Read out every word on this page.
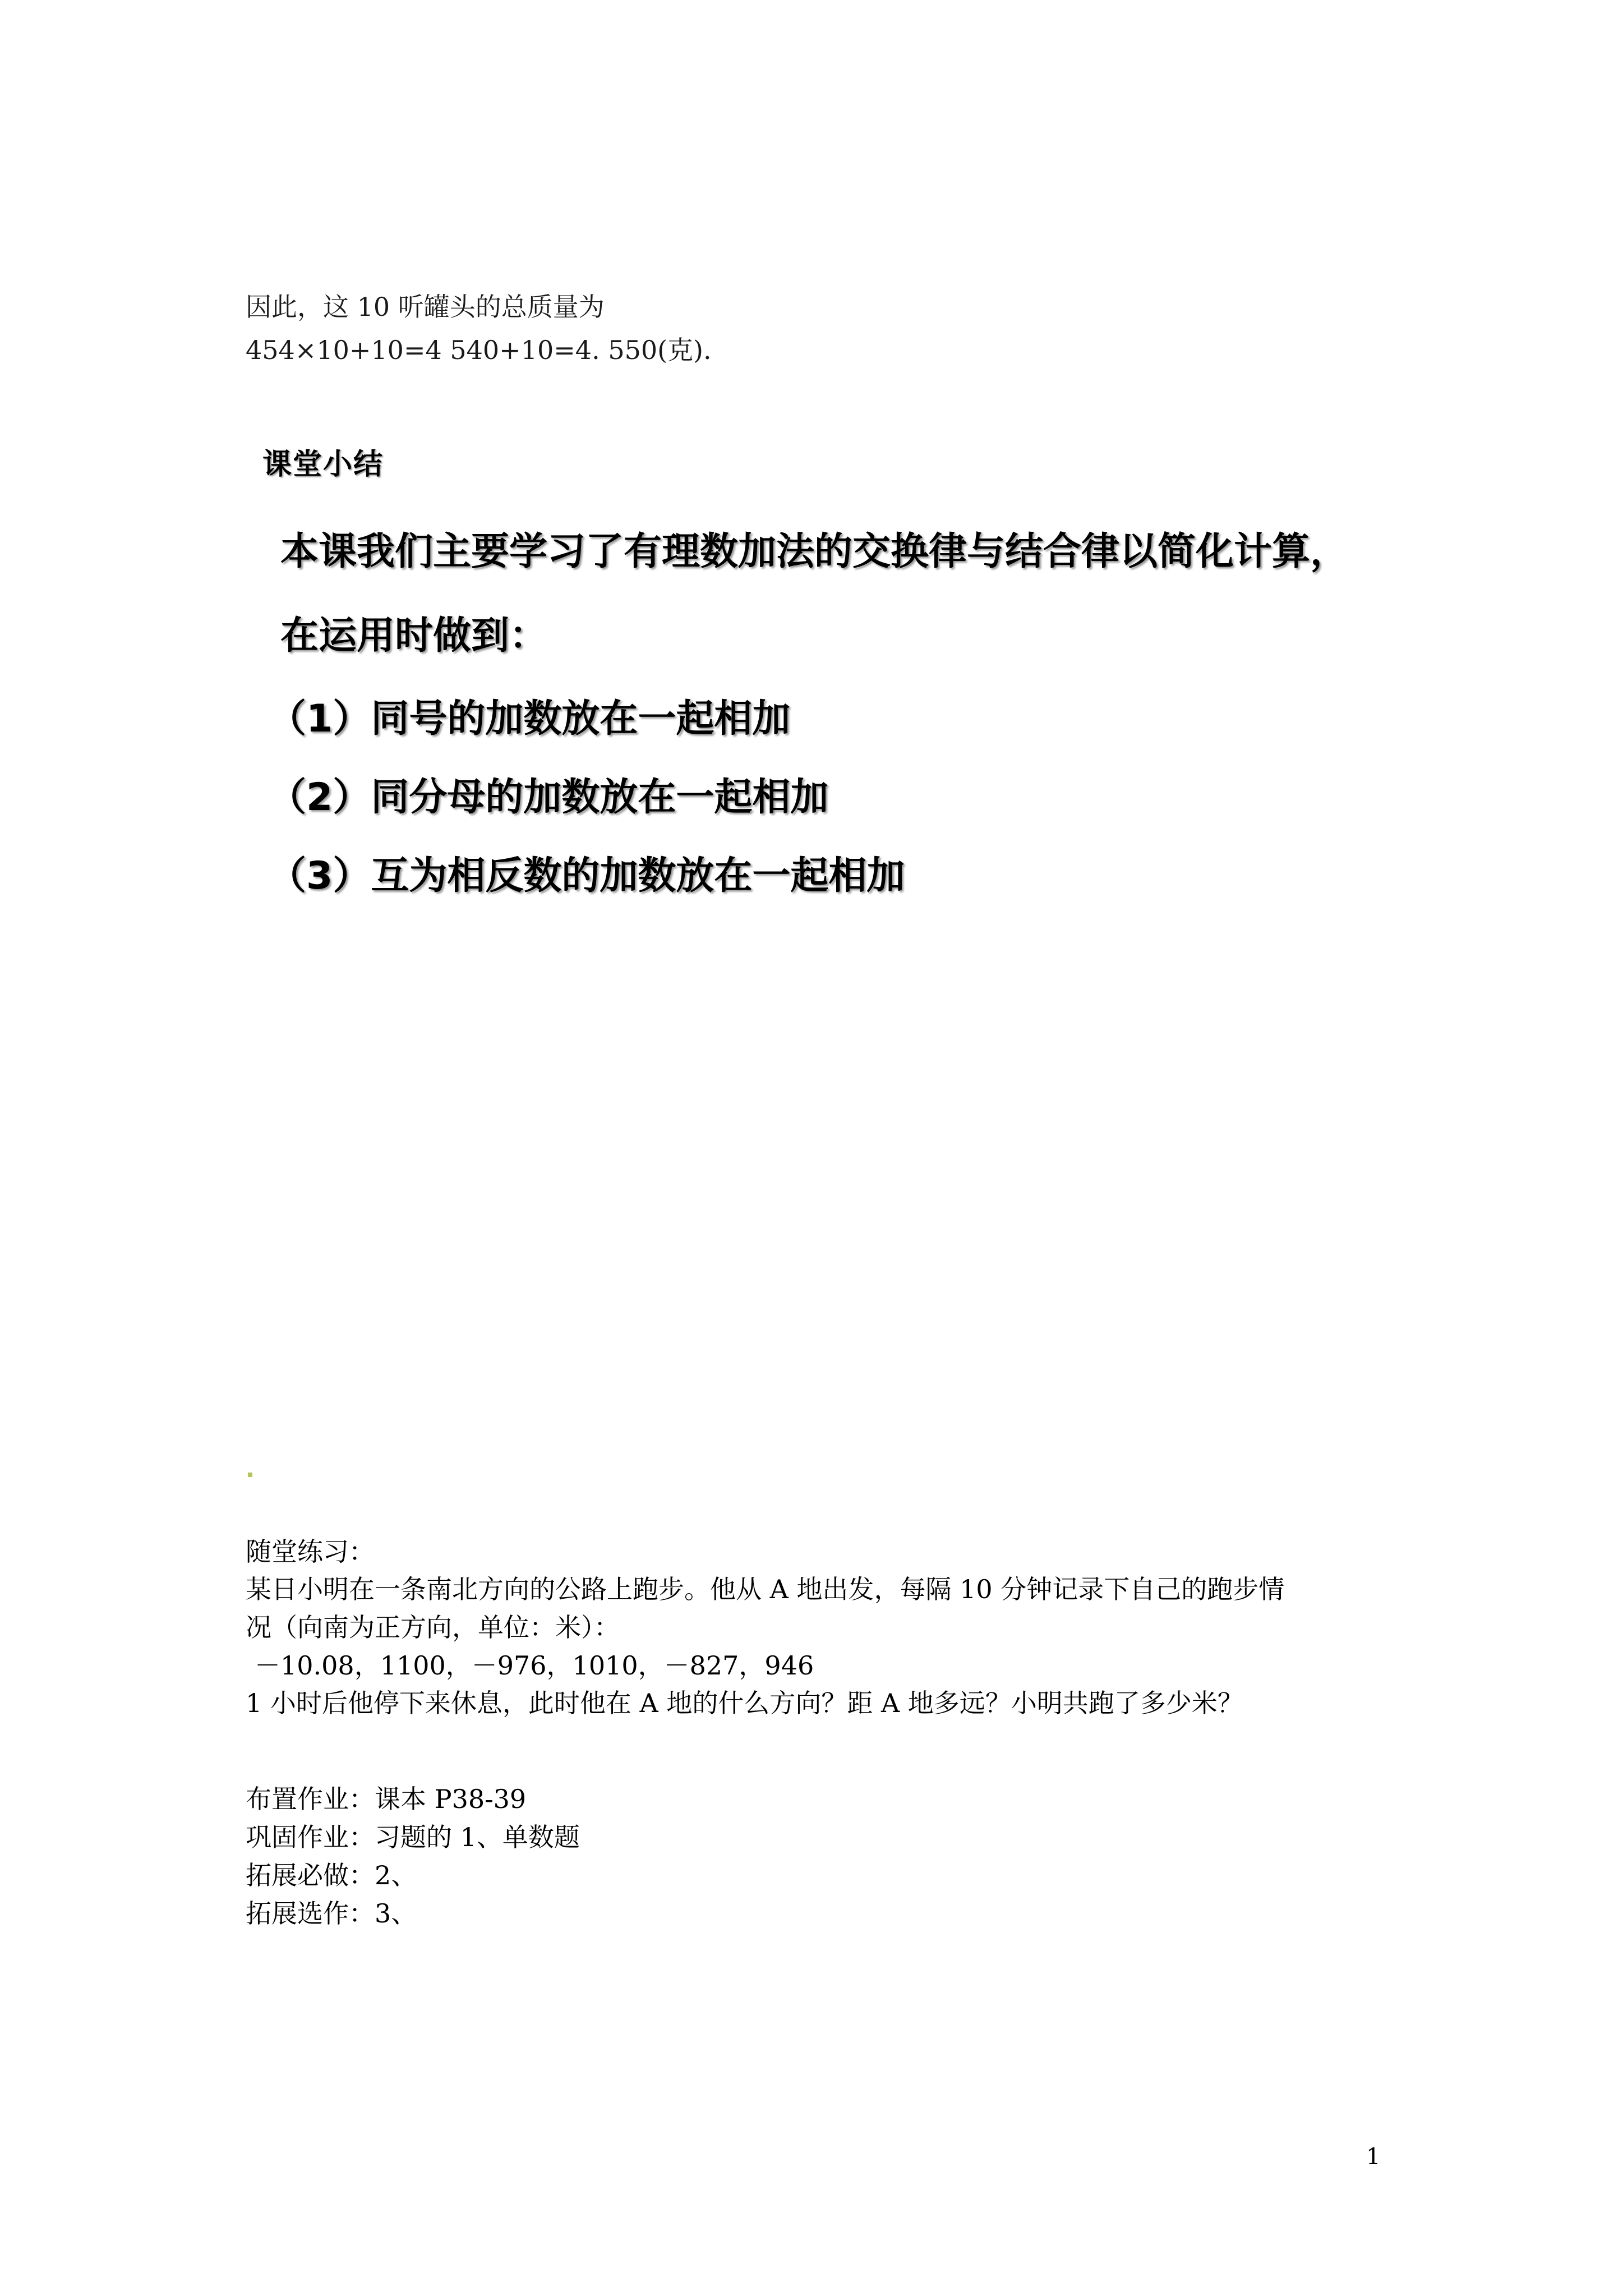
因此，这 10 听罐头的总质量为
454×10+10=4 540+10=4. 550(克).
课堂小结
本课我们主要学习了有理数加法的交换律与结合律以简化计算，
在运用时做到：
（1）同号的加数放在一起相加
（2）同分母的加数放在一起相加
（3）互为相反数的加数放在一起相加
随堂练习：
某日小明在一条南北方向的公路上跑步。他从 A 地出发，每隔 10 分钟记录下自己的跑步情
况（向南为正方向，单位：米）：
－10.08，1100，－976，1010，－827，946
1 小时后他停下来休息，此时他在 A 地的什么方向？距 A 地多远？小明共跑了多少米？
布置作业：课本 P38-39
巩固作业：习题的 1、单数题
拓展必做：2、
拓展选作：3、
1
